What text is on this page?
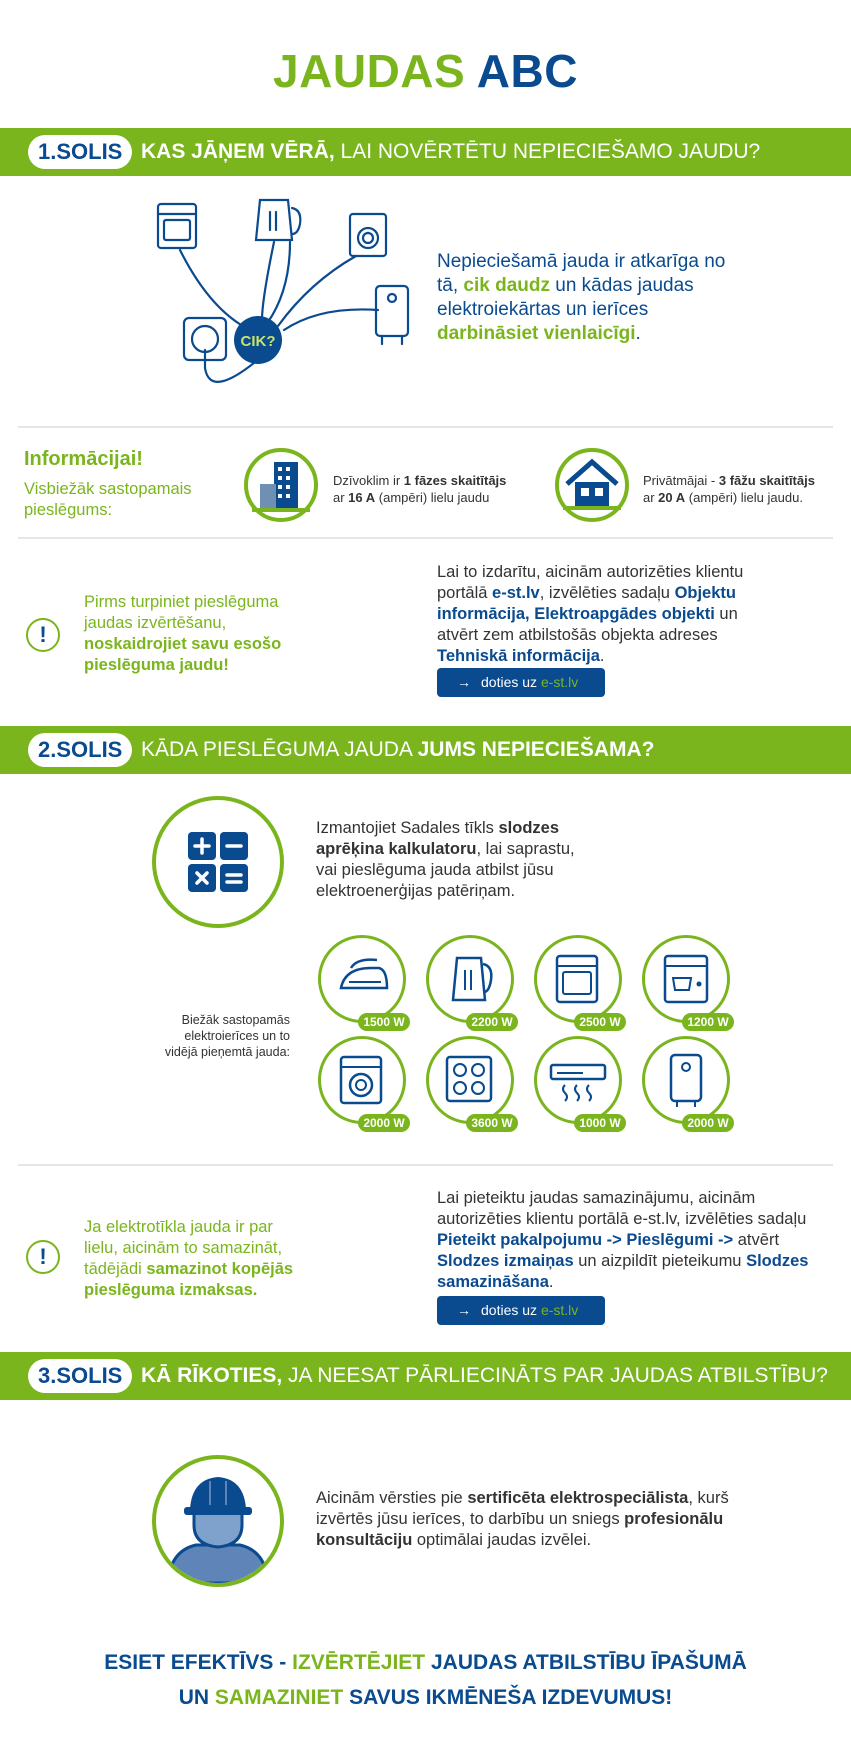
JAUDAS ABC
1.SOLIS KAS JĀŅEM VĒRĀ, LAI NOVĒRTĒTU NEPIECIEŠAMO JAUDU?
CIK?
Nepieciešamā jauda ir atkarīga no tā, cik daudz un kādas jaudas elektroiekārtas un ierīces darbināsiet vienlaicīgi.
Informācijai!
Visbiežāk sastopamais pieslēgums:
Dzīvoklim ir 1 fāzes skaitītājs ar 16 A (ampēri) lielu jaudu
Privātmājai - 3 fāžu skaitītājs ar 20 A (ampēri) lielu jaudu.
!
Pirms turpiniet pieslēguma jaudas izvērtēšanu, noskaidrojiet savu esošo pieslēguma jaudu!
Lai to izdarītu, aicinām autorizēties klientu portālā e-st.lv, izvēlēties sadaļu Objektu informācija, Elektroapgādes objekti un atvērt zem atbilstošās objekta adreses Tehniskā informācija.
→ doties uz e-st.lv
2.SOLIS KĀDA PIESLĒGUMA JAUDA JUMS NEPIECIEŠAMA?
Izmantojiet Sadales tīkls slodzes aprēķina kalkulatoru, lai saprastu, vai pieslēguma jauda atbilst jūsu elektroenerģijas patēriņam.
Biežāk sastopamās elektroierīces un to vidējā pieņemtā jauda:
1500 W	2200 W	2500 W	1200 W
2000 W	3600 W	1000 W	2000 W
!
Ja elektrotīkla jauda ir par lielu, aicinām to samazināt, tādējādi samazinot kopējās pieslēguma izmaksas.
Lai pieteiktu jaudas samazinājumu, aicinām autorizēties klientu portālā e-st.lv, izvēlēties sadaļu Pieteikt pakalpojumu -> Pieslēgumi -> atvērt Slodzes izmaiņas un aizpildīt pieteikumu Slodzes samazināšana.
→ doties uz e-st.lv
3.SOLIS KĀ RĪKOTIES, JA NEESAT PĀRLIECINĀTS PAR JAUDAS ATBILSTĪBU?
Aicinām vērsties pie sertificēta elektrospeciālista, kurš izvērtēs jūsu ierīces, to darbību un sniegs profesionālu konsultāciju optimālai jaudas izvēlei.
ESIET EFEKTĪVS - IZVĒRTĒJIET JAUDAS ATBILSTĪBU ĪPAŠUMĀ
UN SAMAZINIET SAVUS IKMĒNEŠA IZDEVUMUS!
